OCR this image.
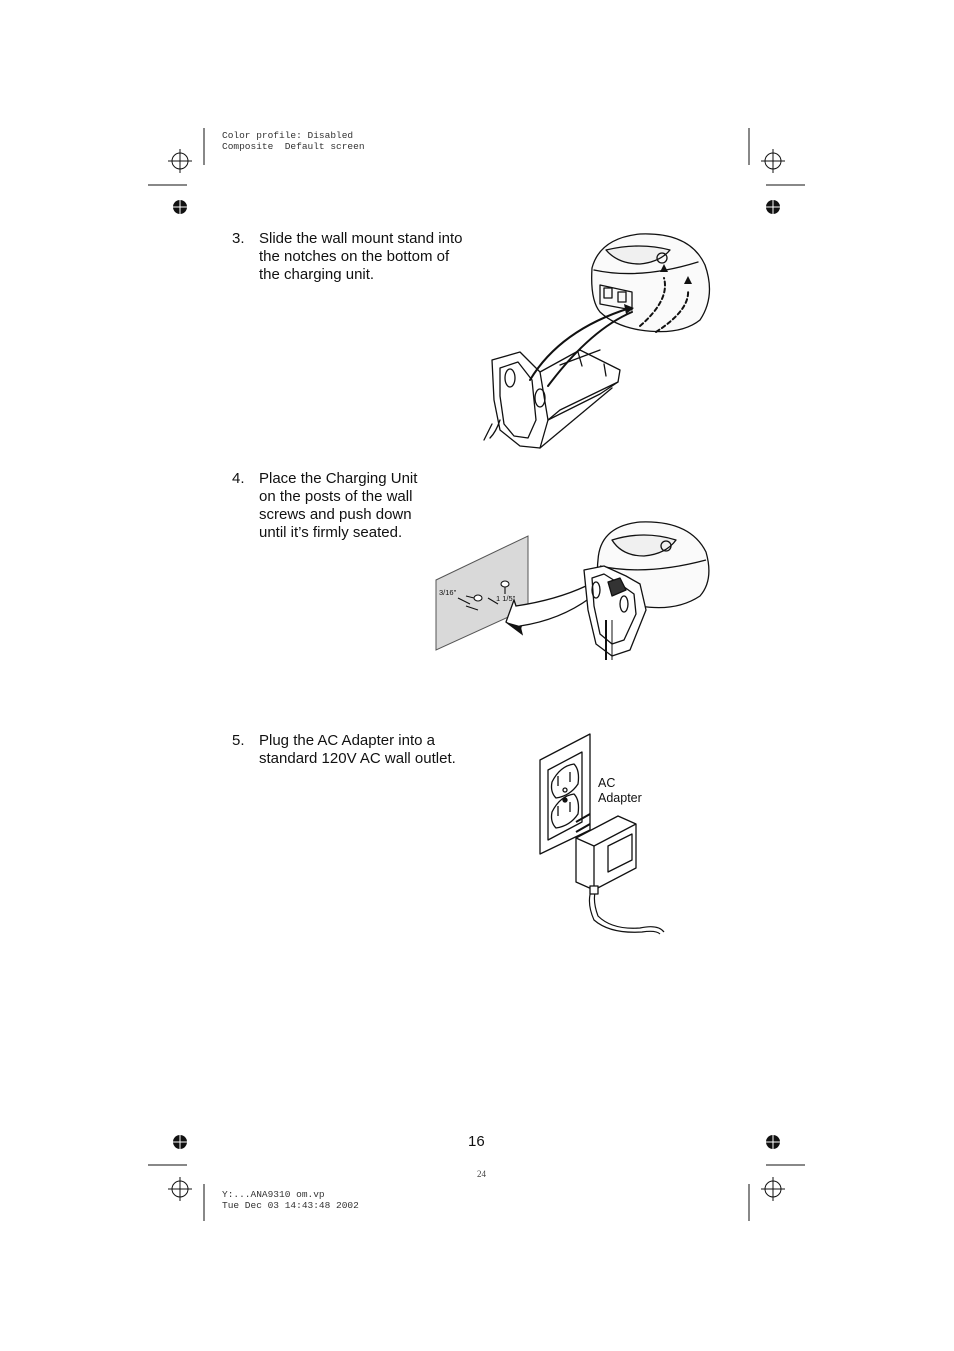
Color profile: Disabled
Composite  Default screen
3. Slide the wall mount stand into
the notches on the bottom of
the charging unit.
4. Place the Charging Unit
on the posts of the wall
screws and push down
until it’s firmly seated.
3/16"
1 1/5"
5. Plug the AC Adapter into a
standard 120V AC wall outlet.
AC
Adapter
16
24
Y:...ANA9310 om.vp
Tue Dec 03 14:43:48 2002
